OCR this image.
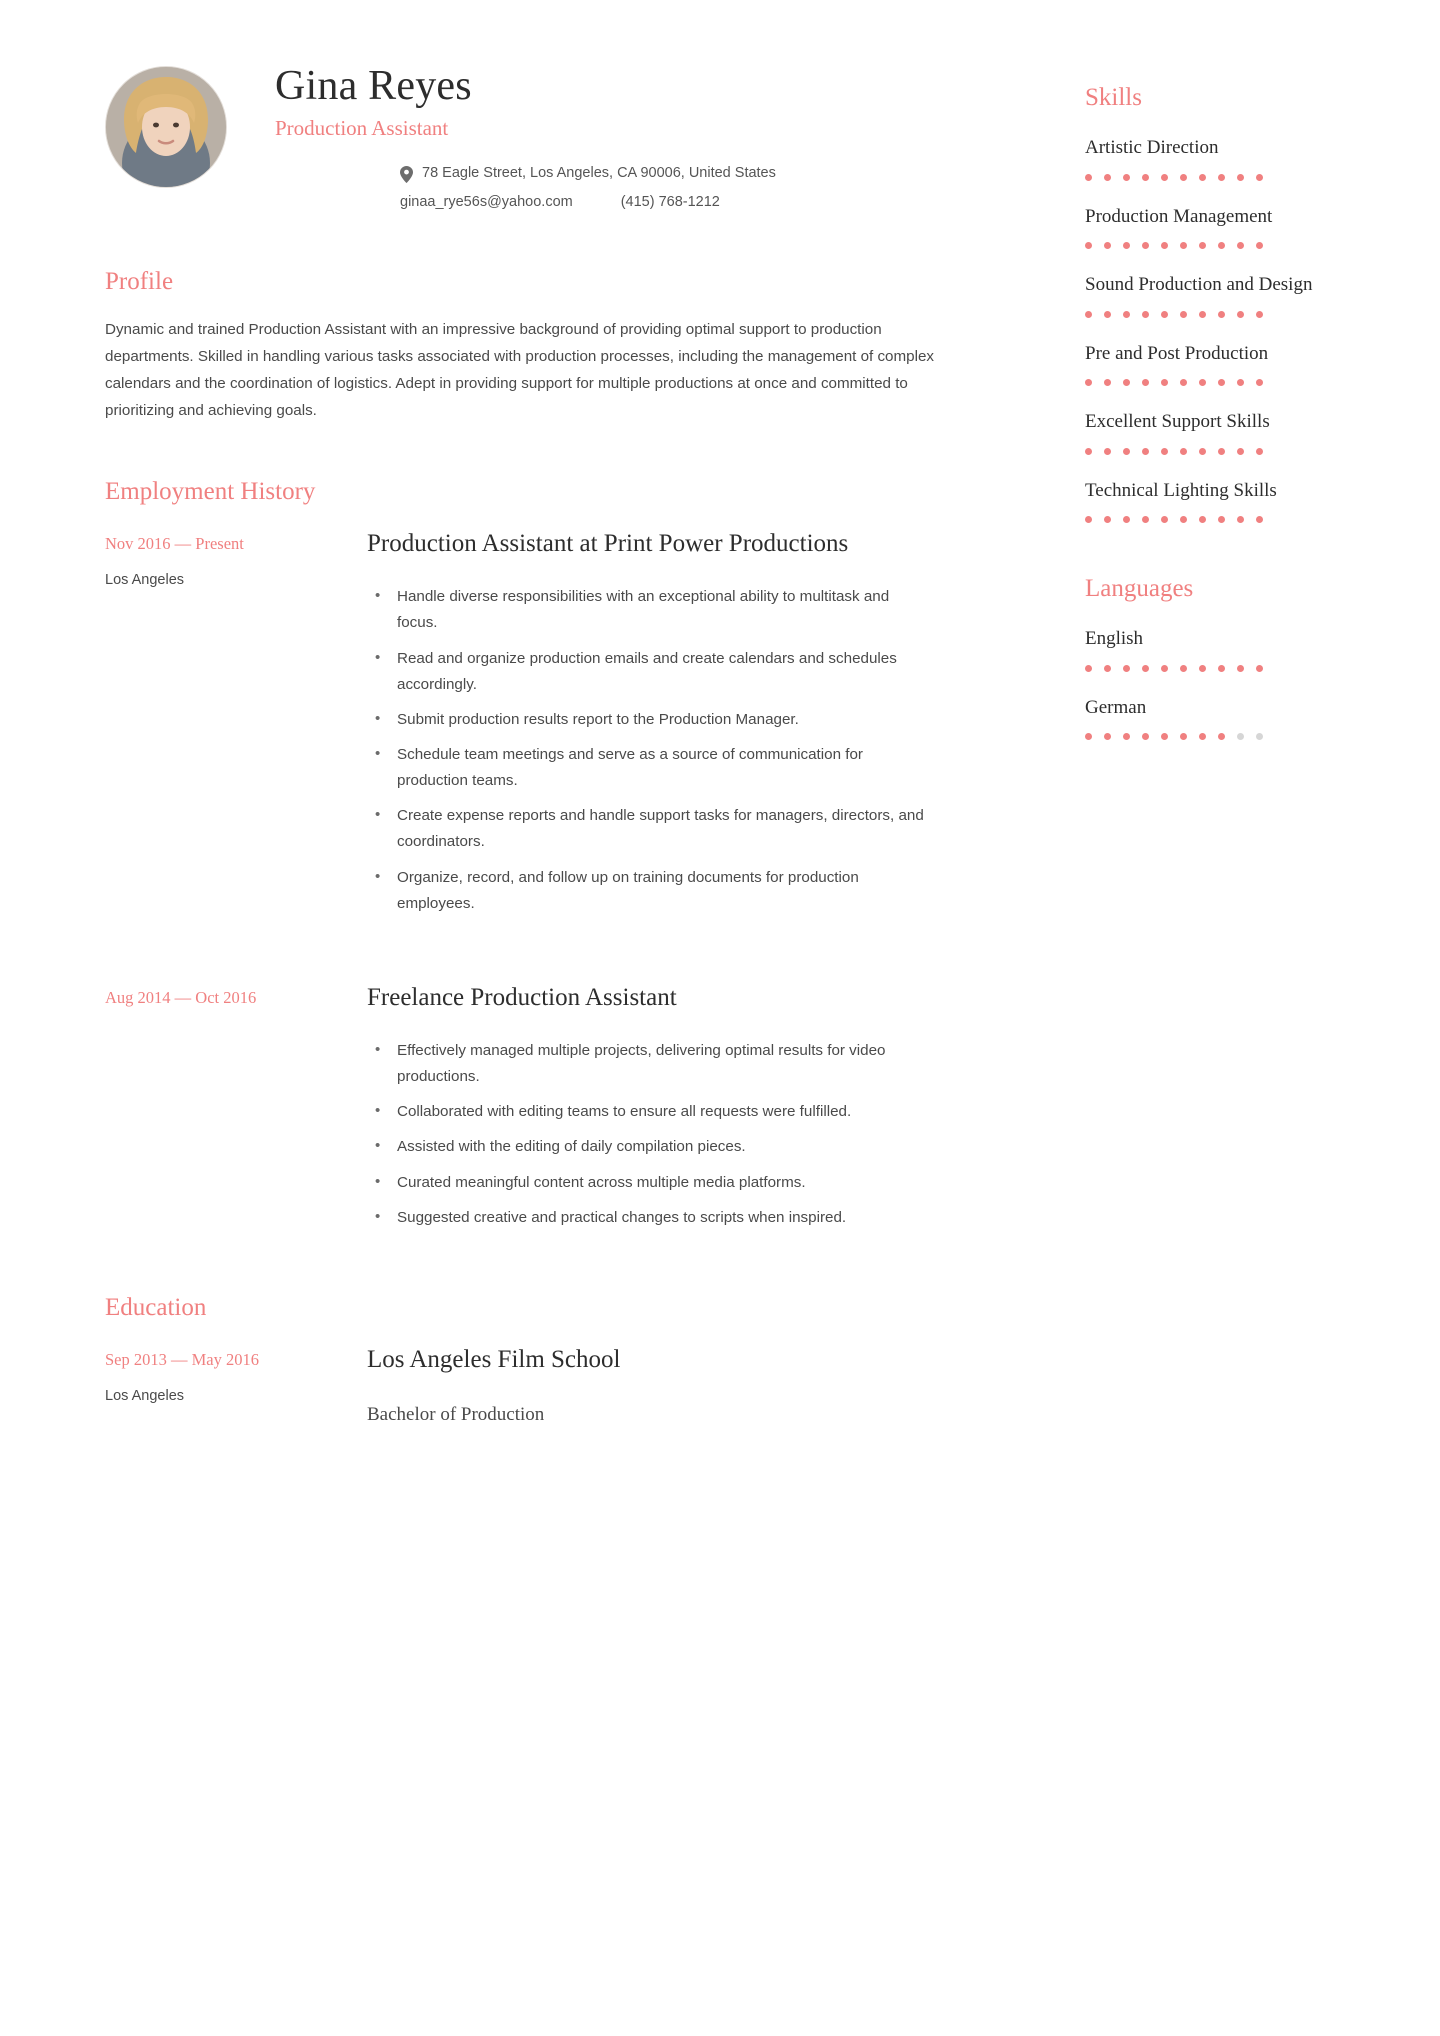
Gina Reyes
Production Assistant
78 Eagle Street, Los Angeles, CA 90006, United States
ginaa_rye56s@yahoo.com	(415) 768-1212
Profile

Dynamic and trained Production Assistant with an impressive background of providing optimal support to production departments. Skilled in handling various tasks associated with production processes, including the management of complex calendars and the coordination of logistics. Adept in providing support for multiple productions at once and committed to prioritizing and achieving goals.

Employment History
Nov 2016 — Present
Los Angeles
Production Assistant at Print Power Productions
• Handle diverse responsibilities with an exceptional ability to multitask and focus.
• Read and organize production emails and create calendars and schedules accordingly.
• Submit production results report to the Production Manager.
• Schedule team meetings and serve as a source of communication for production teams.
• Create expense reports and handle support tasks for managers, directors, and coordinators.
• Organize, record, and follow up on training documents for production employees.
Aug 2014 — Oct 2016	Freelance Production Assistant
• Effectively managed multiple projects, delivering optimal results for video productions.
• Collaborated with editing teams to ensure all requests were fulfilled.
• Assisted with the editing of daily compilation pieces.
• Curated meaningful content across multiple media platforms.
• Suggested creative and practical changes to scripts when inspired.
Education
Sep 2013 — May 2016
Los Angeles
Los Angeles Film School
Bachelor of Production
Skills
Artistic Direction
Production Management
Sound Production and Design
Pre and Post Production
Excellent Support Skills
Technical Lighting Skills
Languages
English
German
